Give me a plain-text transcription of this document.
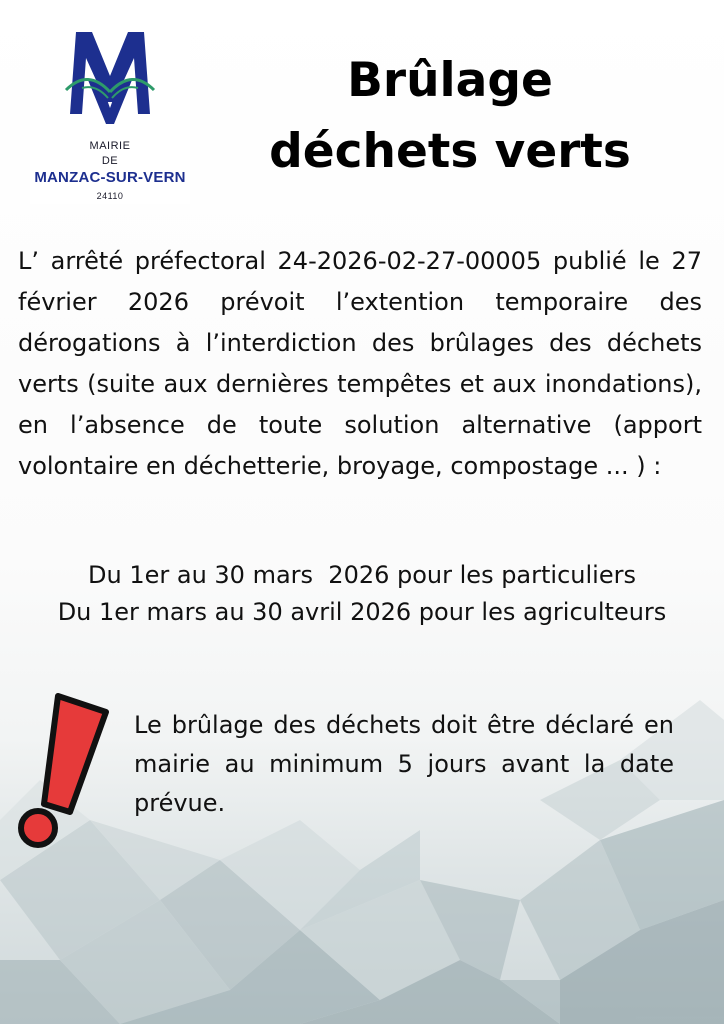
MAIRIE
DE
MANZAC-SUR-VERN
24110
Brûlage
déchets verts

L’ arrêté préfectoral 24-2026-02-27-00005 publié le 27 février 2026 prévoit l’extention temporaire des dérogations à l’interdiction des brûlages des déchets verts (suite aux dernières tempêtes et aux inondations), en l’absence de toute solution alternative (apport volontaire en déchetterie, broyage, compostage ... ) :

Du 1er au 30 mars  2026 pour les particuliers
Du 1er mars au 30 avril 2026 pour les agriculteurs

Le brûlage des déchets doit être déclaré en mairie au minimum 5 jours avant la date prévue.
